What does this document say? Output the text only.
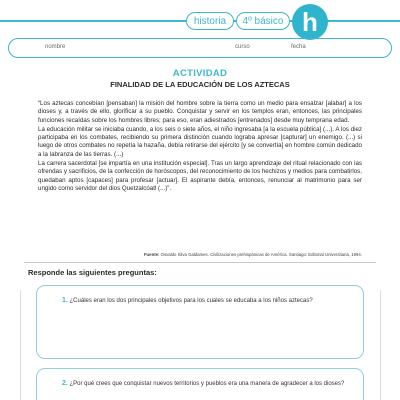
historia	4º básico h
nombre	curso	fecha
ACTIVIDAD
FINALIDAD DE LA EDUCACIÓN DE LOS AZTECAS

“Los aztecas concebían [pensaban] la misión del hombre sobre la tierra como un medio para ensalzar [alabar] a los dioses y, a través de ello, glorificar a su pueblo. Conquistar y servir en los templos eran, entonces, las principales funciones recaídas sobre los hombres libres; para eso, eran adiestrados [entrenados] desde muy temprana edad.

La educación militar se iniciaba cuando, a los seis o siete años, el niño ingresaba [a la escuela pública] (...). A los diez participaba en los combates, recibiendo su primera distinción cuando lograba apresar [capturar] un enemigo. (...) si luego de otros combates no repetía la hazaña, debía retirarse del ejército [y se convertía] en hombre común dedicado a la labranza de las tierras. (...)

La carrera sacerdotal [se impartía en una institución especial]. Tras un largo aprendizaje del ritual relacionado con las ofrendas y sacrificios, de la confección de horóscopos, del reconocimiento de los hechizos y medios para combatirlos, quedaban aptos [capaces] para profesar [actuar]. El aspirante debía, entonces, renunciar al matrimonio para ser ungido como servidor del dios Quetzalcóatl (...)”.

Fuente: Osvaldo Silva Galdames. Civilizaciones prehispánicas de América. Santiago: Editorial Universitaria, 1994.
Responde las siguientes preguntas:
1. ¿Cuáles eran los dos principales objetivos para los cuales se educaba a los niños aztecas?
2. ¿Por qué crees que conquistar nuevos territorios y pueblos era una manera de agradecer a los dioses?
